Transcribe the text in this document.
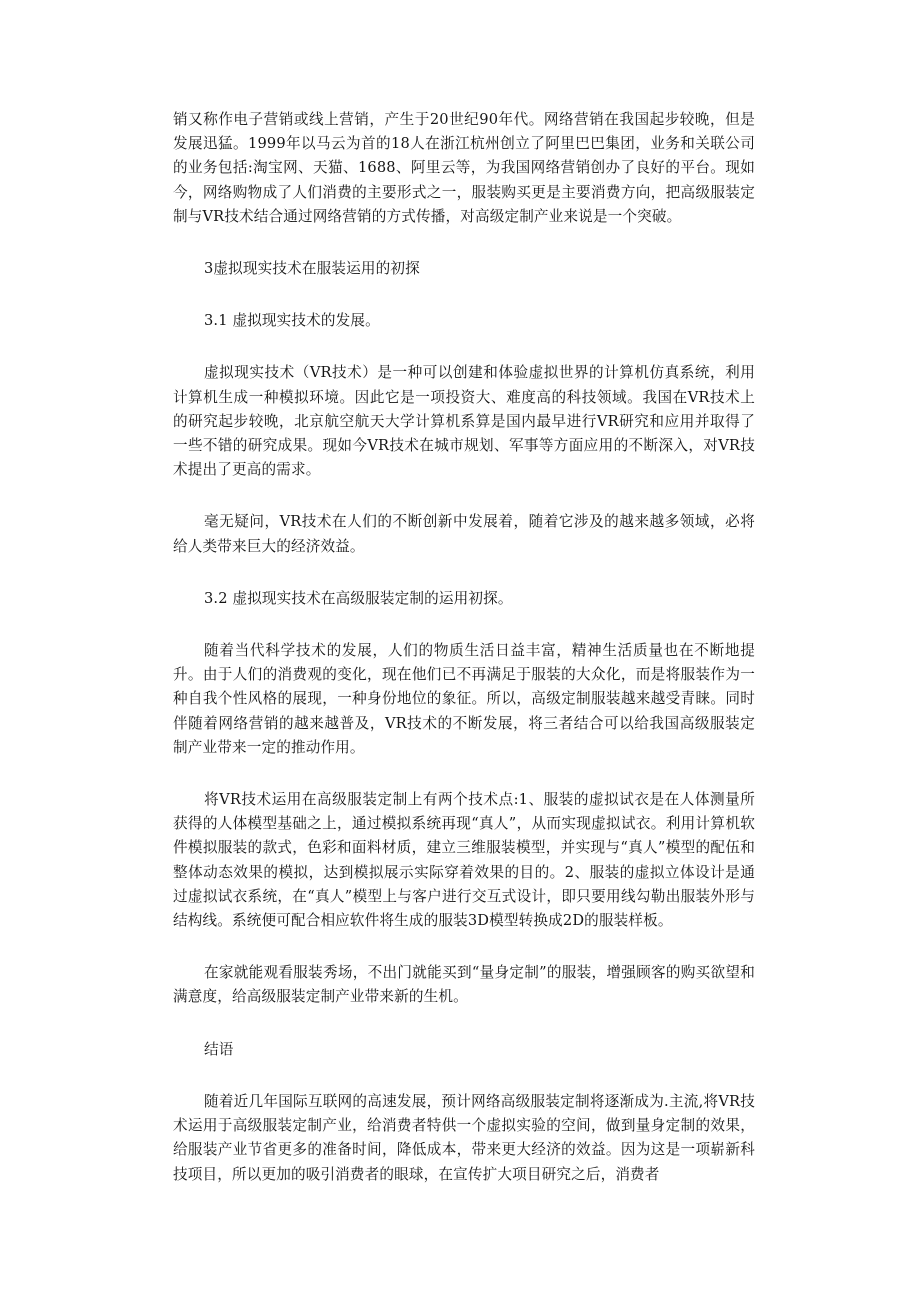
销又称作电子营销或线上营销，产生于20世纪90年代。网络营销在我国起步较晚，但是发展迅猛。1999年以马云为首的18人在浙江杭州创立了阿里巴巴集团，业务和关联公司的业务包括:淘宝网、天猫、1688、阿里云等，为我国网络营销创办了良好的平台。现如今，网络购物成了人们消费的主要形式之一，服装购买更是主要消费方向，把高级服装定制与VR技术结合通过网络营销的方式传播，对高级定制产业来说是一个突破。

3虚拟现实技术在服装运用的初探

3.1 虚拟现实技术的发展。

虚拟现实技术（VR技术）是一种可以创建和体验虚拟世界的计算机仿真系统，利用计算机生成一种模拟环境。因此它是一项投资大、难度高的科技领域。我国在VR技术上的研究起步较晚，北京航空航天大学计算机系算是国内最早进行VR研究和应用并取得了一些不错的研究成果。现如今VR技术在城市规划、军事等方面应用的不断深入，对VR技术提出了更高的需求。

毫无疑问，VR技术在人们的不断创新中发展着，随着它涉及的越来越多领域，必将给人类带来巨大的经济效益。

3.2 虚拟现实技术在高级服装定制的运用初探。

随着当代科学技术的发展，人们的物质生活日益丰富，精神生活质量也在不断地提升。由于人们的消费观的变化，现在他们已不再满足于服装的大众化，而是将服装作为一种自我个性风格的展现，一种身份地位的象征。所以，高级定制服装越来越受青睐。同时伴随着网络营销的越来越普及，VR技术的不断发展，将三者结合可以给我国高级服装定制产业带来一定的推动作用。

将VR技术运用在高级服装定制上有两个技术点:1、服装的虚拟试衣是在人体测量所获得的人体模型基础之上，通过模拟系统再现“真人”，从而实现虚拟试衣。利用计算机软件模拟服装的款式，色彩和面料材质，建立三维服装模型，并实现与“真人”模型的配伍和整体动态效果的模拟，达到模拟展示实际穿着效果的目的。2、服装的虚拟立体设计是通过虚拟试衣系统，在“真人”模型上与客户进行交互式设计，即只要用线勾勒出服装外形与结构线。系统便可配合相应软件将生成的服装3D模型转换成2D的服装样板。

在家就能观看服装秀场，不出门就能买到“量身定制”的服装，增强顾客的购买欲望和满意度，给高级服装定制产业带来新的生机。

结语

随着近几年国际互联网的高速发展，预计网络高级服装定制将逐渐成为.主流,将VR技术运用于高级服装定制产业，给消费者特供一个虚拟实验的空间，做到量身定制的效果，给服装产业节省更多的准备时间，降低成本，带来更大经济的效益。因为这是一项崭新科技项目，所以更加的吸引消费者的眼球，在宣传扩大项目研究之后，消费者
